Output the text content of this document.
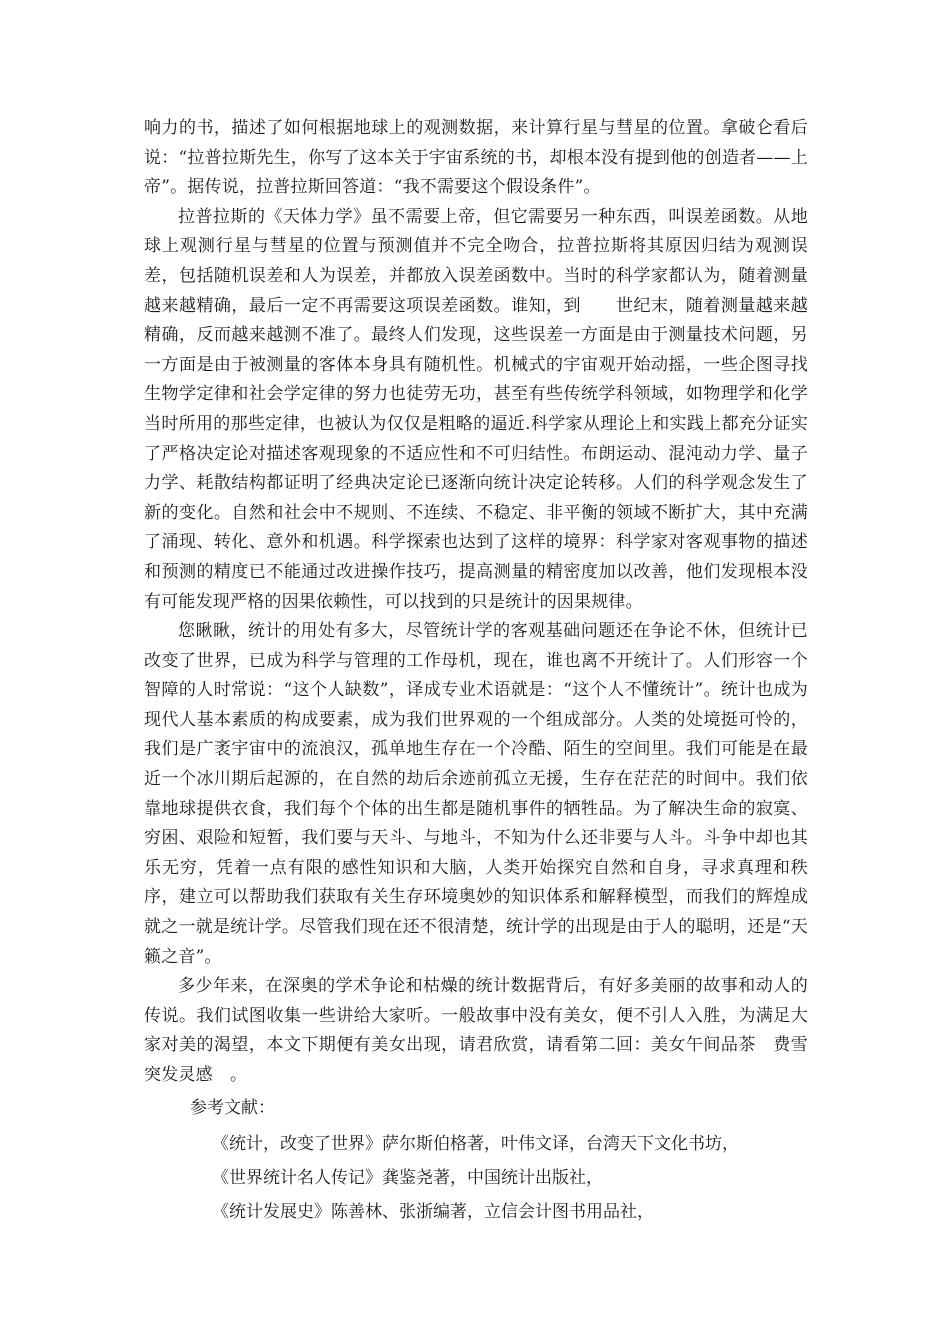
响力的书，描述了如何根据地球上的观测数据，来计算行星与彗星的位置。拿破仑看后说：“拉普拉斯先生，你写了这本关于宇宙系统的书，却根本没有提到他的创造者——上帝”。据传说，拉普拉斯回答道：“我不需要这个假设条件”。

拉普拉斯的《天体力学》虽不需要上帝，但它需要另一种东西，叫误差函数。从地球上观测行星与彗星的位置与预测值并不完全吻合，拉普拉斯将其原因归结为观测误差，包括随机误差和人为误差，并都放入误差函数中。当时的科学家都认为，随着测量越来越精确，最后一定不再需要这项误差函数。谁知，到　　世纪末，随着测量越来越精确，反而越来越测不准了。最终人们发现，这些误差一方面是由于测量技术问题，另一方面是由于被测量的客体本身具有随机性。机械式的宇宙观开始动摇，一些企图寻找生物学定律和社会学定律的努力也徒劳无功，甚至有些传统学科领域，如物理学和化学当时所用的那些定律，也被认为仅仅是粗略的逼近.科学家从理论上和实践上都充分证实了严格决定论对描述客观现象的不适应性和不可归结性。布朗运动、混沌动力学、量子力学、耗散结构都证明了经典决定论已逐渐向统计决定论转移。人们的科学观念发生了新的变化。自然和社会中不规则、不连续、不稳定、非平衡的领域不断扩大，其中充满了涌现、转化、意外和机遇。科学探索也达到了这样的境界：科学家对客观事物的描述和预测的精度已不能通过改进操作技巧，提高测量的精密度加以改善，他们发现根本没有可能发现严格的因果依赖性，可以找到的只是统计的因果规律。

您瞅瞅，统计的用处有多大，尽管统计学的客观基础问题还在争论不休，但统计已改变了世界，已成为科学与管理的工作母机，现在，谁也离不开统计了。人们形容一个智障的人时常说：“这个人缺数”，译成专业术语就是：“这个人不懂统计”。统计也成为现代人基本素质的构成要素，成为我们世界观的一个组成部分。人类的处境挺可怜的，我们是广袤宇宙中的流浪汉，孤单地生存在一个冷酷、陌生的空间里。我们可能是在最近一个冰川期后起源的，在自然的劫后余迹前孤立无援，生存在茫茫的时间中。我们依靠地球提供衣食，我们每个个体的出生都是随机事件的牺牲品。为了解决生命的寂寞、穷困、艰险和短暂，我们要与天斗、与地斗，不知为什么还非要与人斗。斗争中却也其乐无穷，凭着一点有限的感性知识和大脑，人类开始探究自然和自身，寻求真理和秩序，建立可以帮助我们获取有关生存环境奥妙的知识体系和解释模型，而我们的辉煌成就之一就是统计学。尽管我们现在还不很清楚，统计学的出现是由于人的聪明，还是“天籁之音”。

多少年来，在深奥的学术争论和枯燥的统计数据背后，有好多美丽的故事和动人的传说。我们试图收集一些讲给大家听。一般故事中没有美女，便不引人入胜，为满足大家对美的渴望，本文下期便有美女出现，请君欣赏，请看第二回：美女午间品茶　费雪突发灵感　。

参考文献：
《统计，改变了世界》萨尔斯伯格著，叶伟文译，台湾天下文化书坊，
《世界统计名人传记》龚鉴尧著，中国统计出版社，
《统计发展史》陈善林、张浙编著，立信会计图书用品社，
